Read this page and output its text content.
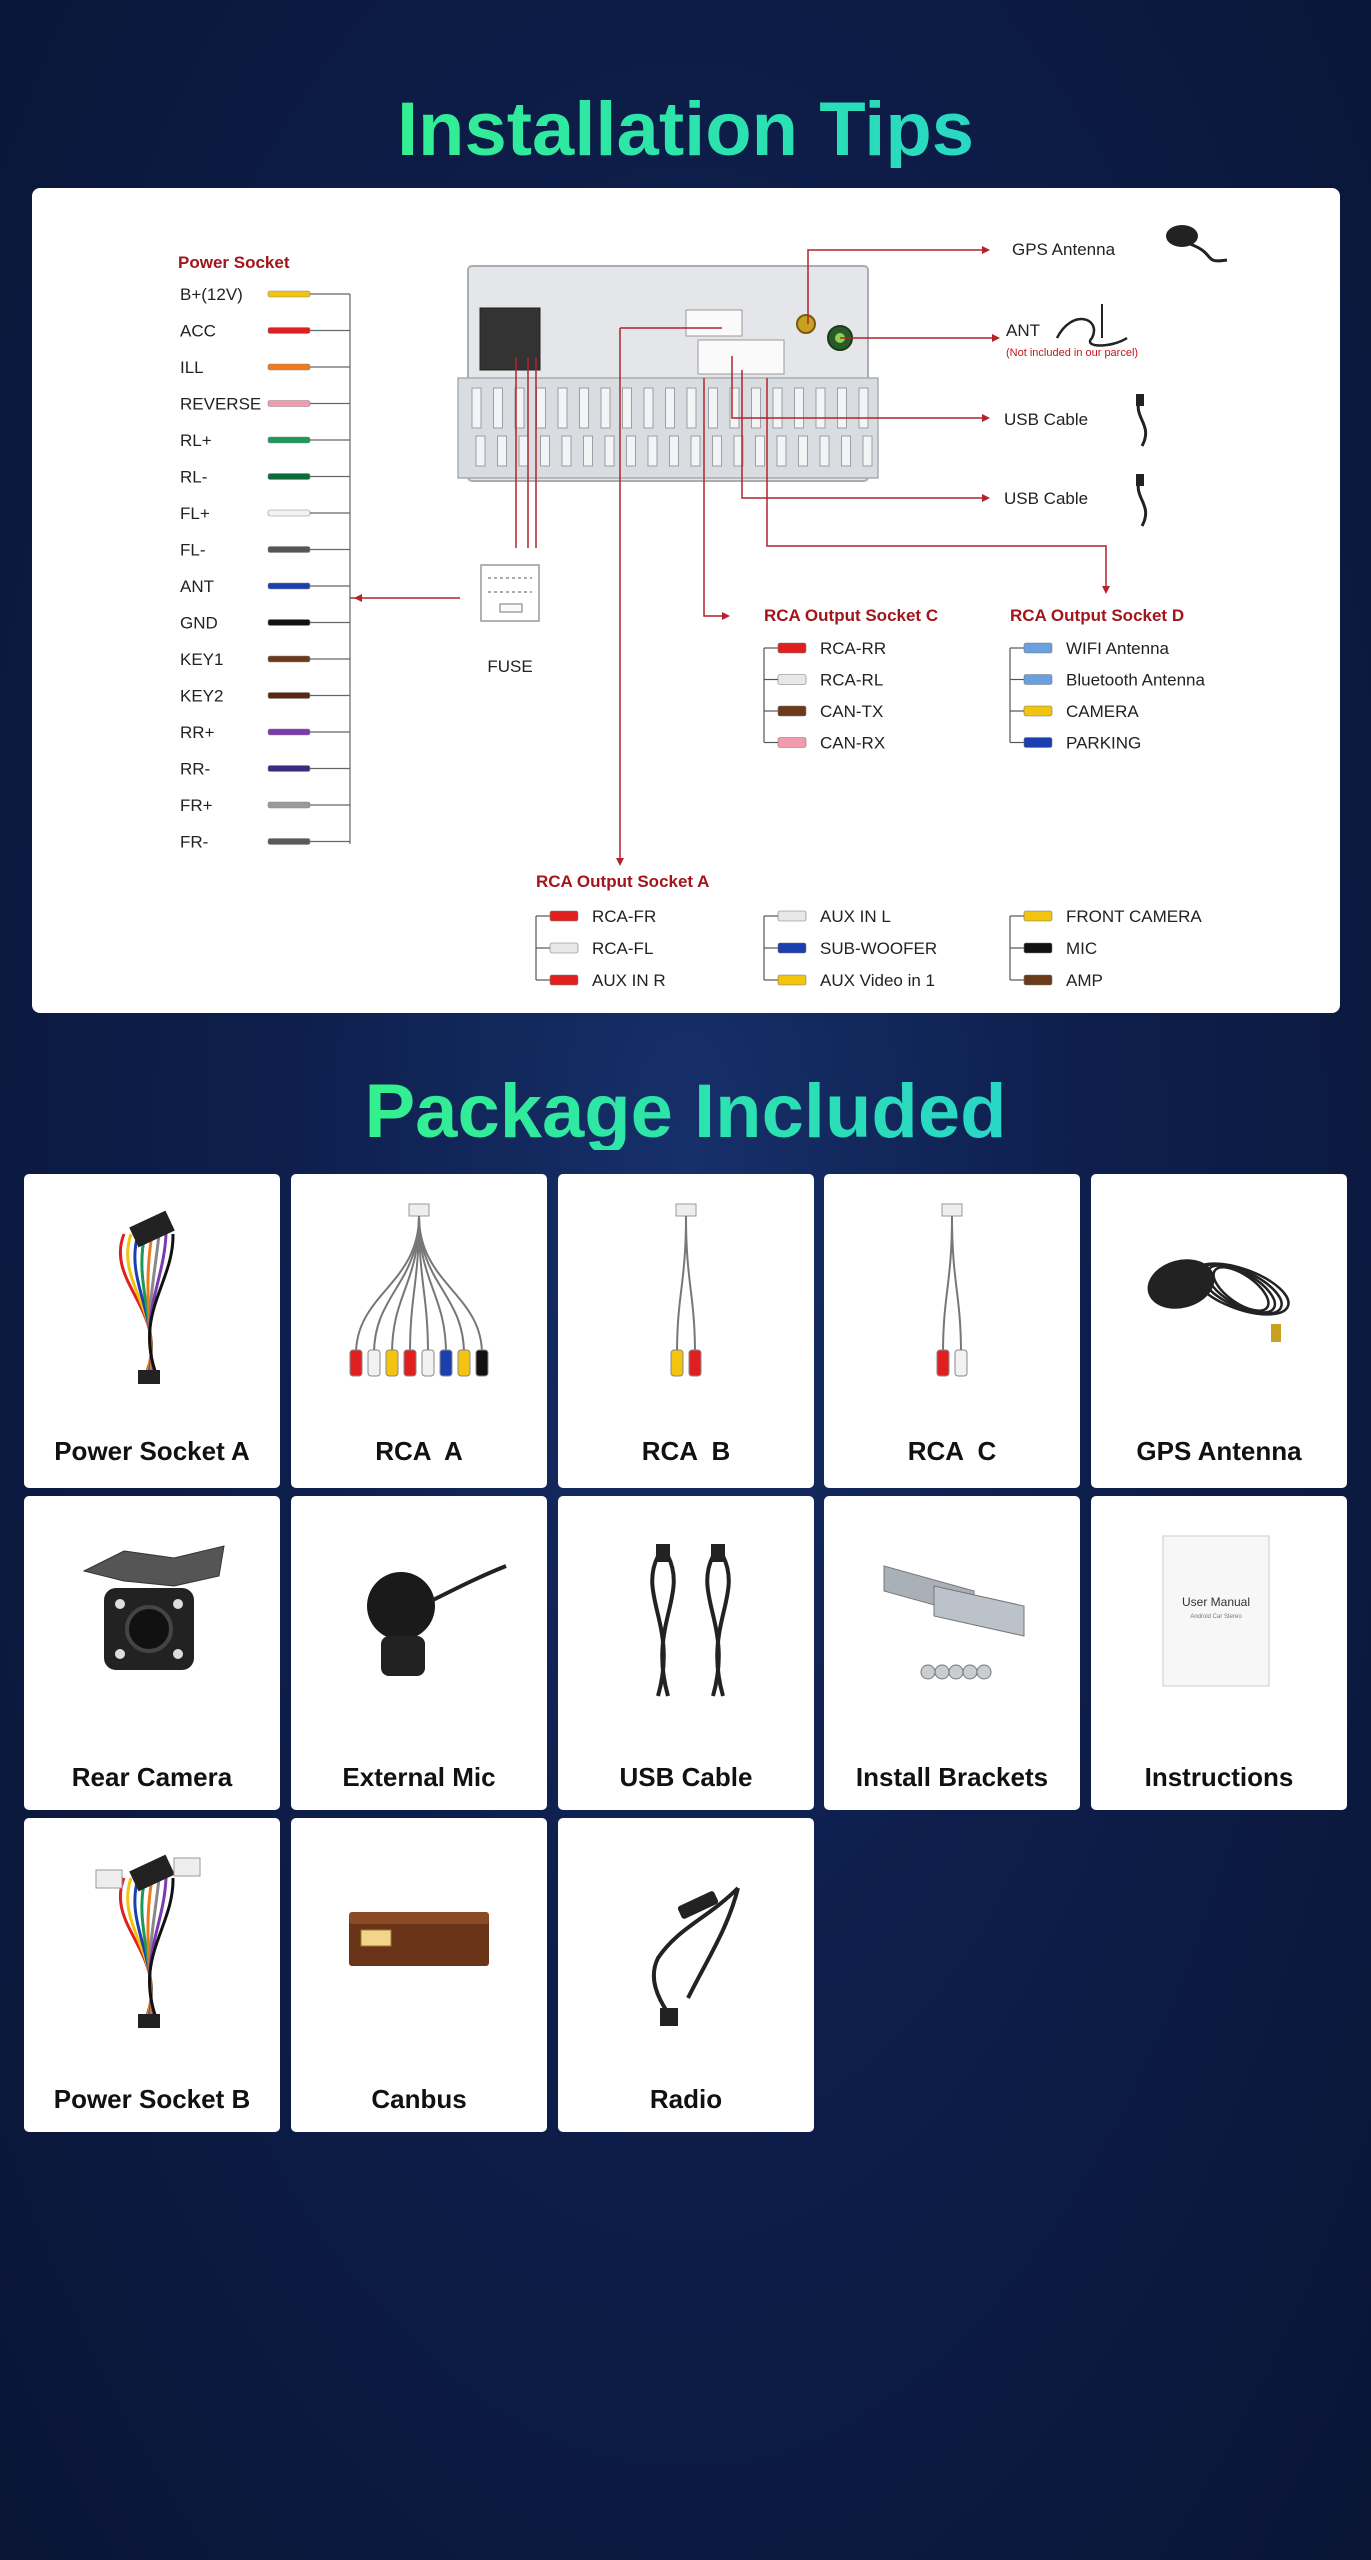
Installation Tips
FUSE
Power Socket
B+(12V)
ACC
ILL
REVERSE
RL+
RL-
FL+
FL-
ANT
GND
KEY1
KEY2
RR+
RR-
FR+
FR-
GPS Antenna
ANT
(Not included in our parcel)
USB Cable
USB Cable
RCA Output Socket C
RCA-RR
RCA-RL
CAN-TX
CAN-RX
RCA Output Socket D
WIFI Antenna
Bluetooth Antenna
CAMERA
PARKING
RCA Output Socket A
RCA-FR
RCA-FL
AUX IN R
AUX IN L
SUB-WOOFER
AUX Video in 1
FRONT CAMERA
MIC
AMP
Package Included
Power Socket A	RCA  A	RCA  B	RCA  C	GPS Antenna
Rear Camera	External Mic	USB Cable	Install Brackets
User Manual
Android Car Stereo
Instructions
Power Socket B	Canbus	Radio
